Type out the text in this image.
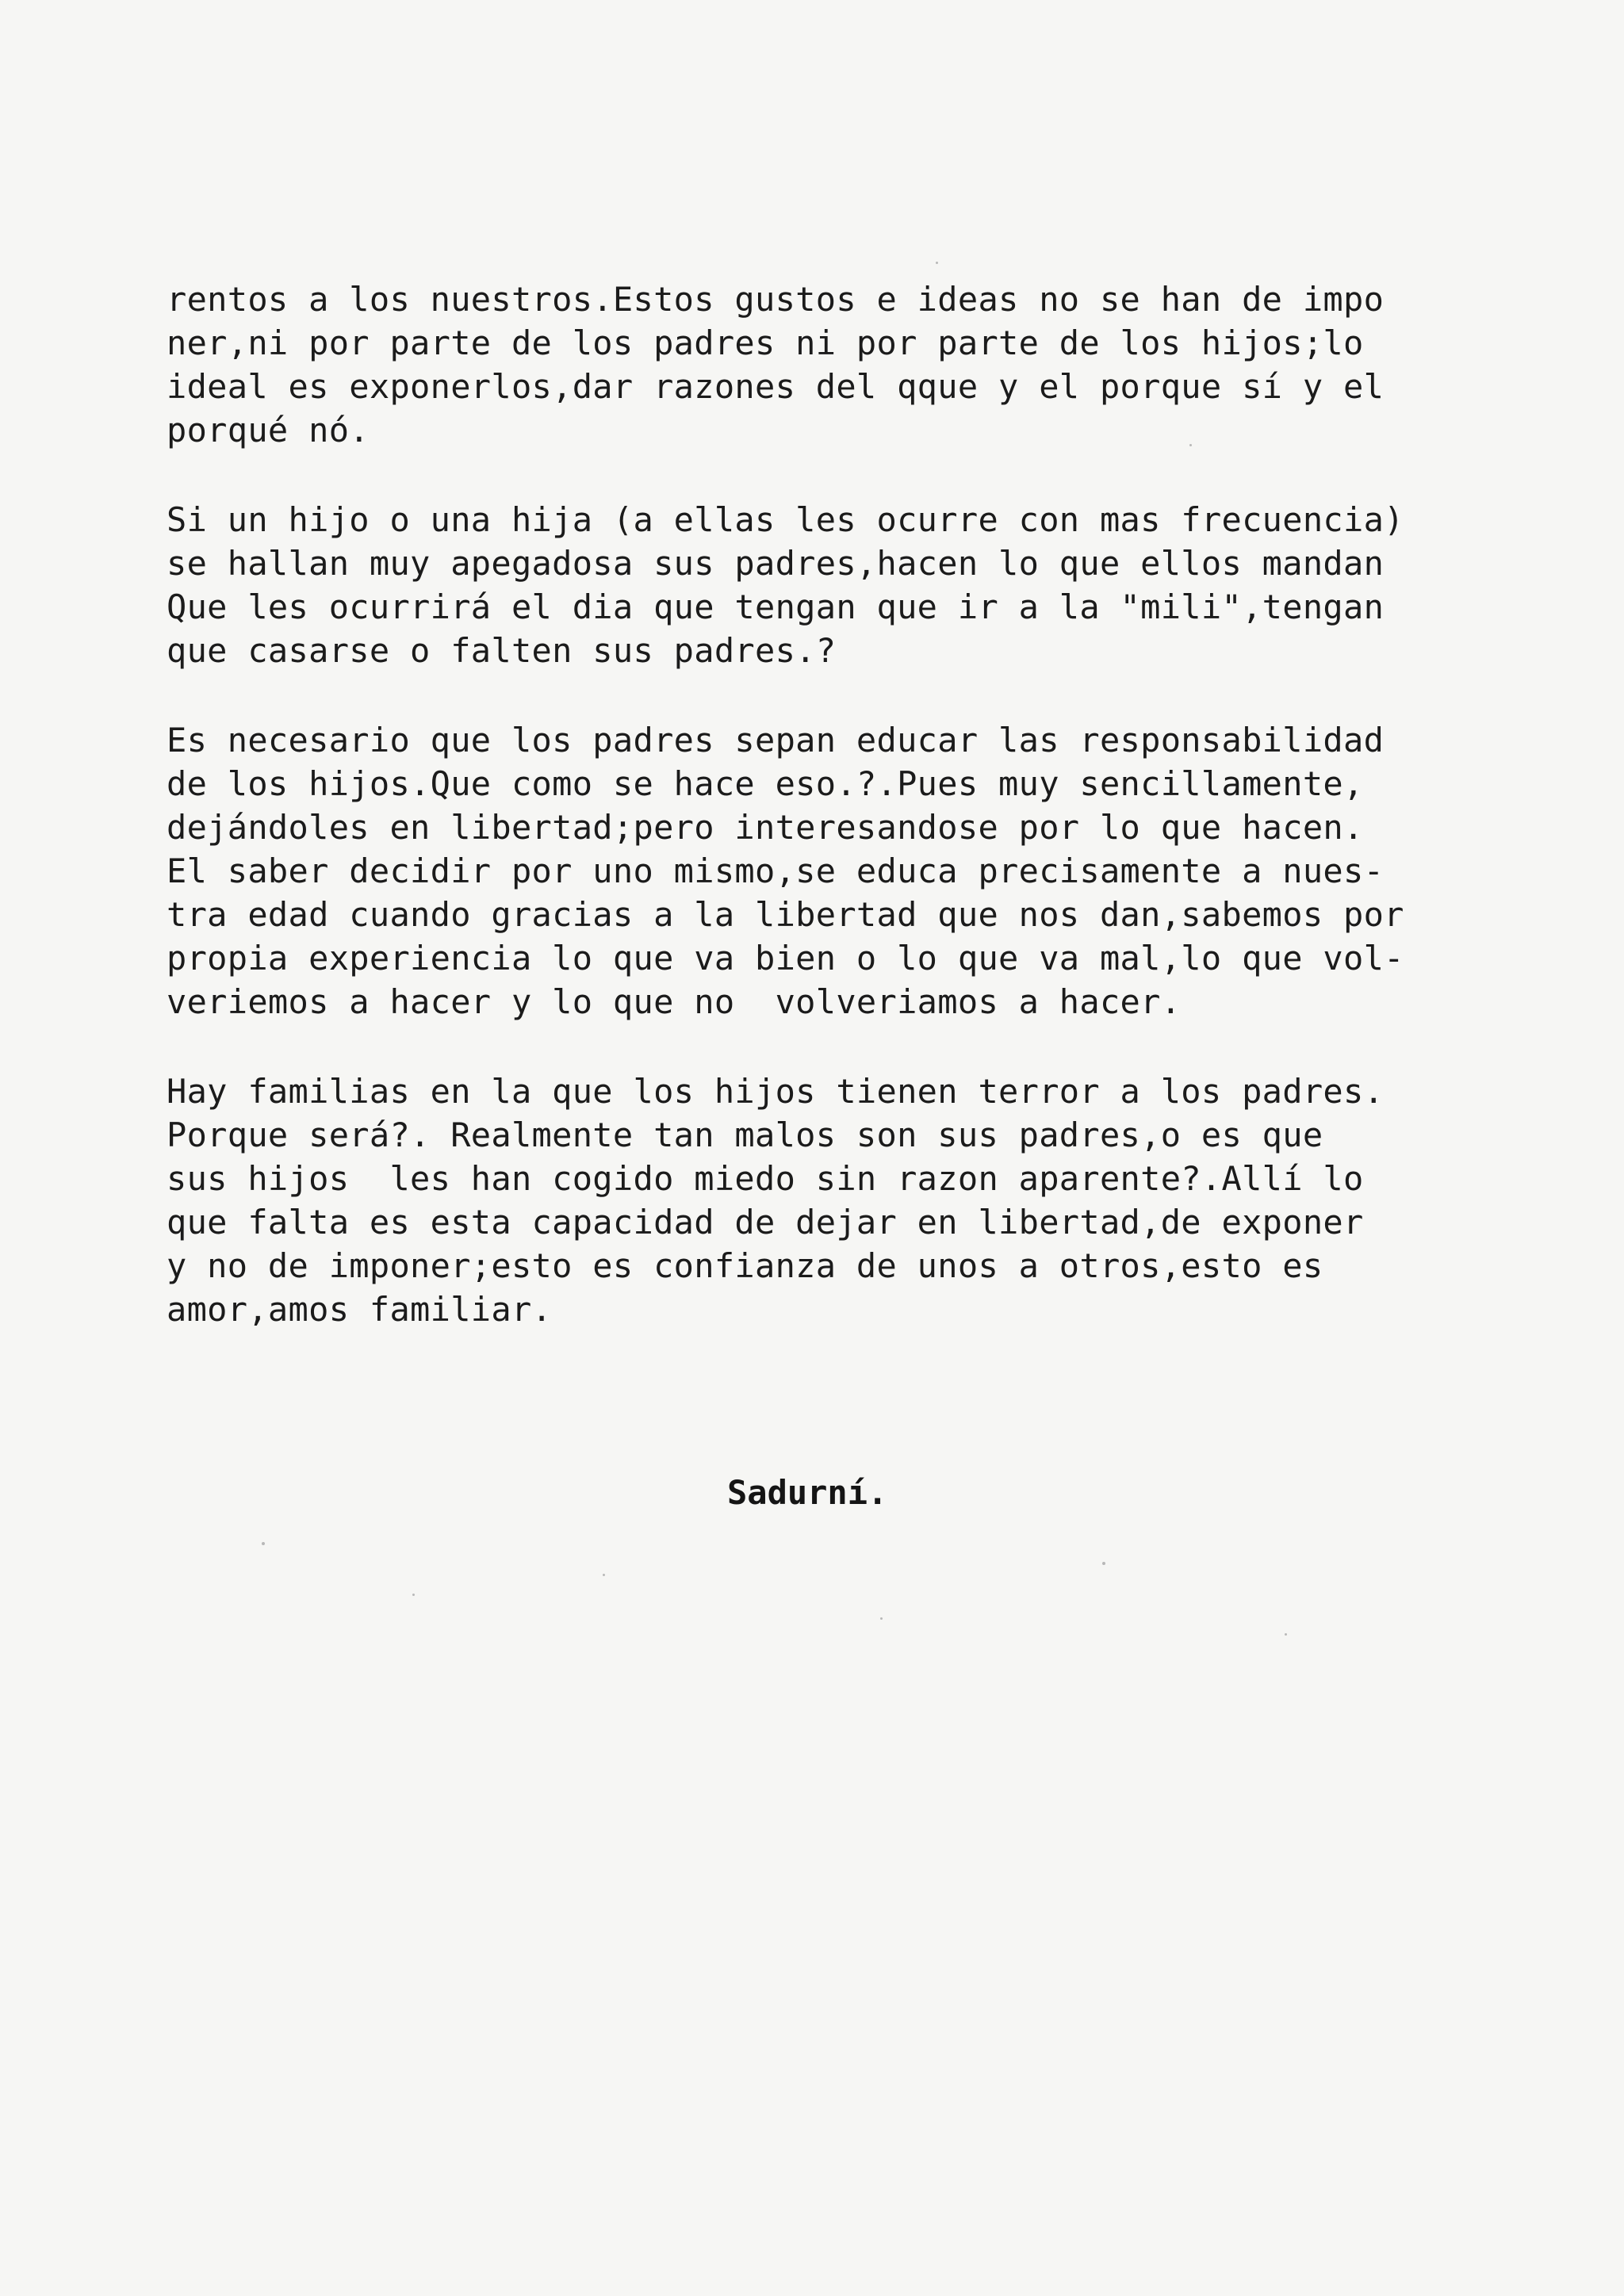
rentos a los nuestros.Estos gustos e ideas no se han de impo
ner,ni por parte de los padres ni por parte de los hijos;lo
ideal es exponerlos,dar razones del qque y el porque sí y el
porqué nó.
Si un hijo o una hija (a ellas les ocurre con mas frecuencia)
se hallan muy apegadosa sus padres,hacen lo que ellos mandan
Que les ocurrirá el dia que tengan que ir a la "mili",tengan
que casarse o falten sus padres.?
Es necesario que los padres sepan educar las responsabilidad
de los hijos.Que como se hace eso.?.Pues muy sencillamente,
dejándoles en libertad;pero interesandose por lo que hacen.
El saber decidir por uno mismo,se educa precisamente a nues-
tra edad cuando gracias a la libertad que nos dan,sabemos por
propia experiencia lo que va bien o lo que va mal,lo que vol-
veriemos a hacer y lo que no  volveriamos a hacer.
Hay familias en la que los hijos tienen terror a los padres.
Porque será?. Realmente tan malos son sus padres,o es que
sus hijos  les han cogido miedo sin razon aparente?.Allí lo
que falta es esta capacidad de dejar en libertad,de exponer
y no de imponer;esto es confianza de unos a otros,esto es
amor,amos familiar.
Sadurní.
